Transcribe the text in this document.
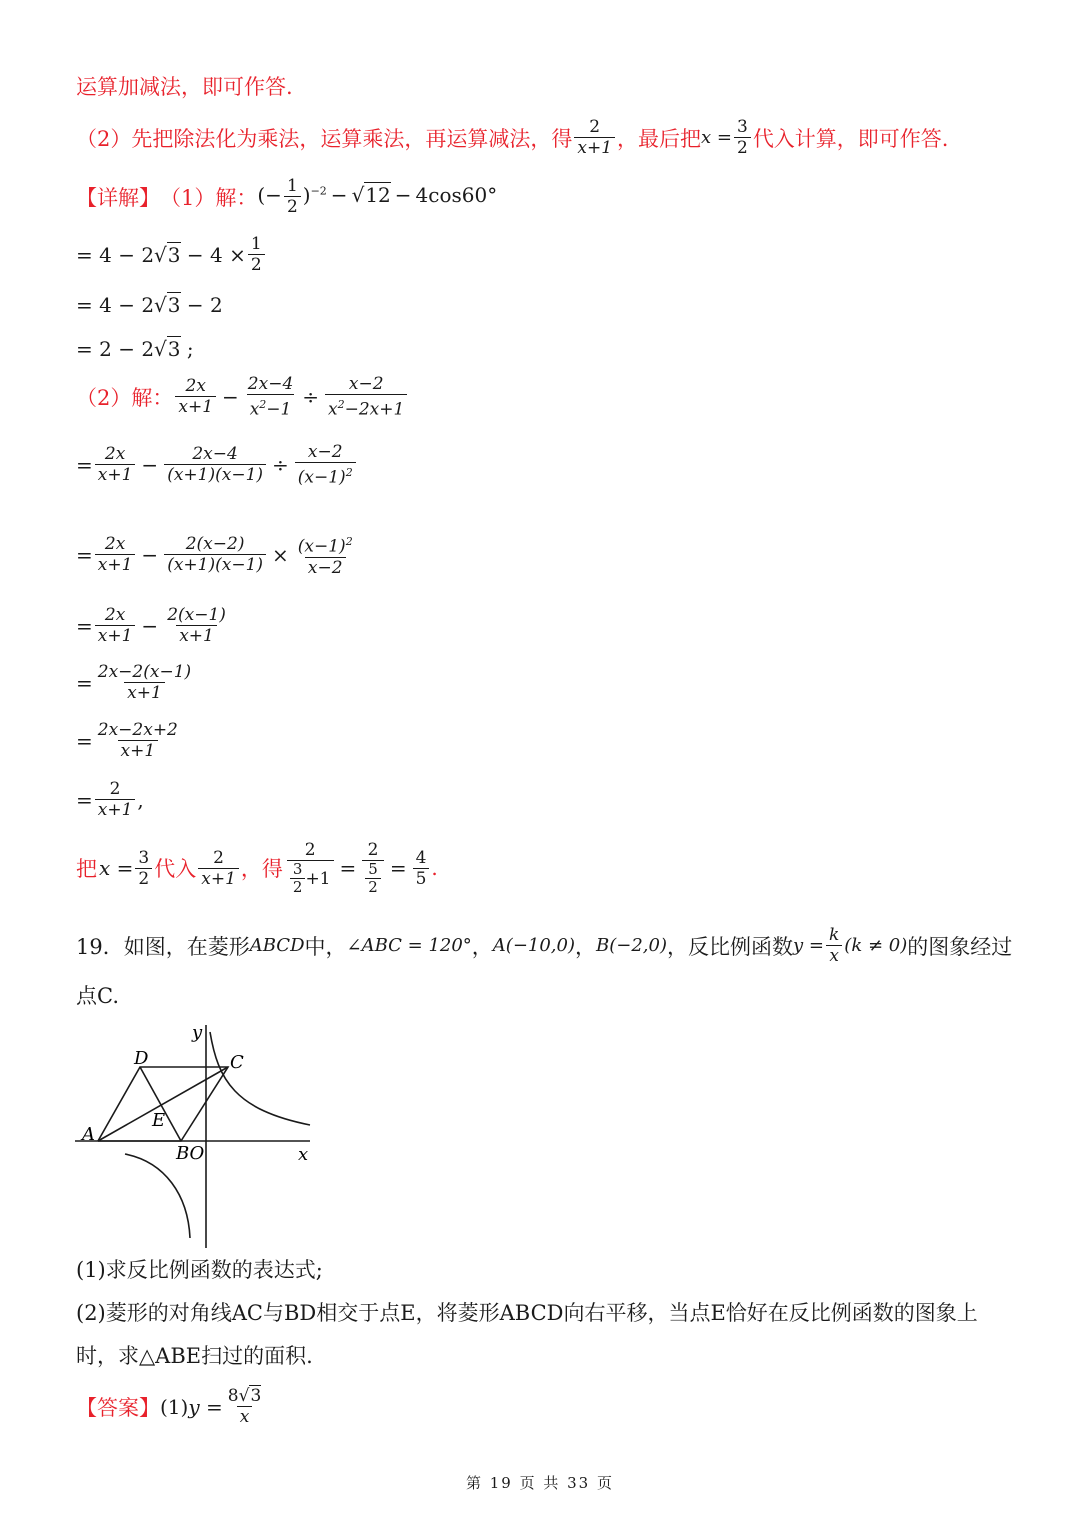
运算加减法，即可作答.
（2）先把除法化为乘法，运算乘法，再运算减法，得 $\frac{2}{x+1}$ ，最后把 $x = \frac{3}{2}$ 代入计算，即可作答.
【详解】 （1）解： (− $\frac{1}{2} )^{-2} - √12 - 4\cos 60^\circ$
= $4 - 2√3 - 4 \times \frac{1}{2}$
= 4 − 2√3 − 2
= 2 − 2√3 ;
（2）解： $\frac{2x}{x+1} - \frac{2x-4}{x^2-1} \div \frac{x-2}{x^2-2x+1}$
= $\frac{2x}{x+1} - \frac{2x-4}{(x+1)(x-1)} \div \frac{x-2}{(x-1)^2}$
= $\frac{2x}{x+1} - \frac{2(x-2)}{(x+1)(x-1)} \times \frac{(x-1)^2}{x-2}$
= $\frac{2x}{x+1} - \frac{2(x-1)}{x+1}$
= $\frac{2x-2(x-1)}{x+1}$
= $\frac{2x-2x+2}{x+1}$
= $\frac{2}{x+1}$ ,
把 $x = \frac{3}{2}$ 代入 $\frac{2}{x+1}$ ，得 $\frac{2}{\frac{3}{2} +1} = \frac{2}{\frac{5}{2}} = \frac{4}{5}$ .
19． 如图，在菱形 ABCD 中， ∠ABC = 120° ， A(−10,0) ， B(−2,0) ，反比例函数 $y = \frac{k}{x} (k \ne 0)$ 的图象经过
点C.
y
x
D	C
E
A
BO
(1)求反比例函数的表达式;
(2)菱形的对角线AC与BD相交于点E，将菱形ABCD向右平移，当点E恰好在反比例函数的图象上
时，求△ABE扫过的面积.
【答案】 $(1)y = \frac{8√3}{x}$
第 19 页 共 33 页
